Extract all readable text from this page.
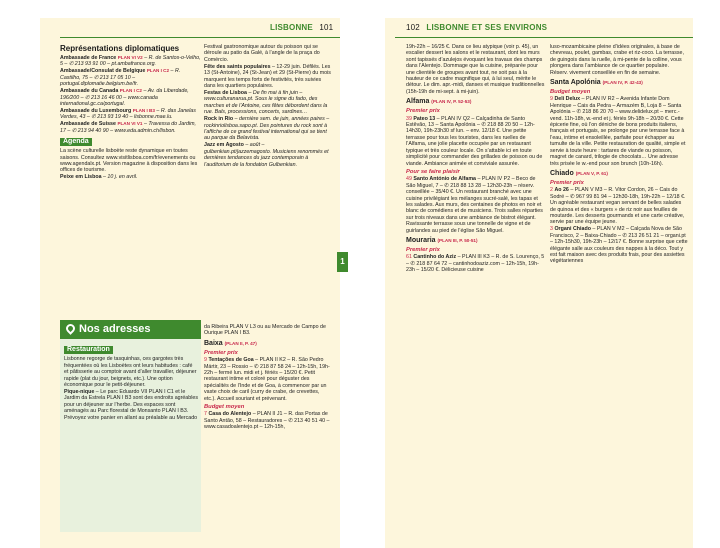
LISBONNE 101	102 LISBONNE ET SES ENVIRONS
1
Représentations diplomatiques

Ambassade de France PLAN VI V2 – R. de Santos-o-Velho, 5 – ✆ 213 93 91 00 – pt.ambafrance.org.

Ambassade/Consulat de Belgique PLAN I C2 – R. Castilho, 75 – ✆ 213 17 05 10 – portugal.diplomatie.belgium.be/fr.

Ambassade du Canada PLAN I C2 – Av. da Liberdade, 196/200 – ✆ 213 16 46 00 – www.canada international.gc.ca/portugal.

Ambassade du Luxembourg PLAN I B3 – R. das Janelas Verdes, 43 – ✆ 213 93 19 40 – lisbonne.mae.lu.

Ambassade de Suisse PLAN VI V1 – Travessa do Jardim, 17 – ✆ 213 94 40 90 – www.eda.admin.ch/lisbon.

Agenda

La scène culturelle lisboète reste dynamique en toutes saisons. Consultez www.visitlisboa.com/fr/evenements ou www.agendalx.pt. Version magazine à disposition dans les offices de tourisme.

Peixe em Lisboa – 10 j. en avril.

Festival gastronomique autour du poisson qui se déroule au patio da Galé, à l’angle de la praça do Comércio.

Fête des saints populaires – 12-29 juin. Défilés. Les 13 (St-Antoine), 24 (St-Jean) et 29 (St-Pierre) du mois marquent les temps forts de festivités, très suivies dans les quartiers populaires.

Festas de Lisboa – De fin mai à fin juin – www.culturanarua.pt. Sous le signe du fado, des marches et de l’Antoine, ces fêtes débordent dans la rue. Bals, processions, concerts, sardines…

Rock in Rio – dernière sem. de juin, années paires – rockinriolisboa.sapo.pt. Des pointures du rock sont à l’affiche de ce grand festival international qui se tient au parque da Belavista.

Jazz em Agosto – août – gulbenkian.pt/jazzemagosto. Musiciens renommés et dernières tendances du jazz contemporain à l’auditorium de la fondation Gulbenkian.

Nos adresses
Restauration

Lisbonne regorge de tasquinhas, ces gargotes très fréquentées où les Lisboètes ont leurs habitudes : café et pâtisserie au comptoir avant d’aller travailler, déjeuner rapide (plat du jour, beignets, etc.). Une option économique pour le petit-déjeuner.

Pique-nique – Le parc Eduardo VII PLAN I C1 et le Jardim da Estrela PLAN I B3 sont des endroits agréables pour un déjeuner sur l’herbe. Des espaces sont aménagés au Parc florestal de Monsanto PLAN I B3. Prévoyez votre panier en allant au préalable au Mercado

da Ribeira PLAN V L3 ou au Mercado de Campo de Ourique PLAN I B3.

Baixa (PLAN II, P. 47)
Premier prix

9 Tentações de Goa – PLAN II K2 – R. São Pedro Mártir, 23 – Rossio – ✆ 218 87 58 24 – 12h-15h, 19h-22h – fermé lun. midi et j. fériés – 15/20 €. Petit restaurant intime et coloré pour déguster des spécialités de l’Inde et de Goa, à commencer par un vaste choix de caril (curry de crabe, de crevettes, etc.). Accueil souriant et prévenant.

Budget moyen

7 Casa do Alentejo – PLAN II J1 – R. das Portas de Santo Antão, 58 – Restauradores – ✆ 213 40 51 40 – www.casadoalentejo.pt – 12h-15h,

19h-22h – 16/25 €. Dans ce lieu atypique (voir p. 45), un escalier dessert les salons et le restaurant, dont les murs sont tapissés d’azulejos évoquant les travaux des champs dans l’Alentejo. Dommage que la cuisine, préparée pour une clientèle de groupes avant tout, ne soit pas à la hauteur de ce cadre magnifique qui, à lui seul, mérite le détour. Le dim. apr.-midi, danses et musique traditionnelles (15h-19h de mi-sept. à mi-juin).

Alfama (PLAN IV, P. 52-53)
Premier prix

39 Pateo 13 – PLAN IV Q2 – Calçadinha de Santo Estêvão, 13 – Santa Apolónia – ✆ 218 88 20 50 – 12h-14h30, 19h-23h30 sf lun. – env. 12/18 €. Une petite terrasse pour tous les touristes, dans les ruelles de l’Alfama, une jolie placette occupée par un restaurant typique et très couleur locale. On s’attable ici en toute simplicité pour commander des grillades de poisson ou de viande. Ambiance animée et conviviale assurée.

Pour se faire plaisir

49 Santo António de Alfama – PLAN IV P2 – Beco de São Miguel, 7 – ✆ 218 88 13 28 – 12h30-23h – réserv. conseillée – 35/40 €. Un restaurant branché avec une cuisine privilégiant les mélanges sucré-salé, les tapas et les salades. Aux murs, des centaines de photos en noir et blanc de comédiens et de musiciens. Trois salles réparties sur trois niveaux dans une ambiance de bistrot élégant. Ravissante terrasse sous une tonnelle de vigne et de guirlandes au pied de l’église São Miguel.

Mouraria (PLAN III, P. 50-51)
Premier prix

61 Cantinho do Aziz – PLAN III K3 – R. de S. Lourenço, 5 – ✆ 218 87 64 72 – cantinhodoaziz.com – 12h-15h, 19h-23h – 15/20 €. Délicieuse cuisine

luso-mozambicaine pleine d’idées originales, à base de chevreau, poulet, gambas, crabe et riz-coco. La terrasse, de guingois dans la ruelle, à mi-pente de la colline, vous plongera dans l’ambiance de ce quartier populaire. Réserv. vivement conseillée en fin de semaine.

Santa Apolónia (PLAN IV, P. 42-43)
Budget moyen

9 Deli Delux – PLAN IV R2 – Avenida Infante Dom Henrique – Cais da Pedra – Armazém B, Loja 8 – Santa Apolónia – ✆ 218 86 20 70 – www.delidelux.pt – merc.-vend. 11h-18h, w.-end et j. fériés 9h-18h – 20/30 €. Cette épicerie fine, où l’on déniche de bons produits italiens, français et portugais, se prolonge par une terrasse face à l’eau, intime et ensoleillée, parfaite pour échapper au tumulte de la ville. Petite restauration de qualité, simple et servie à toute heure : tartares de viande ou poisson, magret de canard, trilogie de chocolats… Une adresse très prisée le w.-end pour son brunch (10h-16h).

Chiado (PLAN V, P. 61)
Premier prix

2 Ao 26 – PLAN V M3 – R. Vitor Cordon, 26 – Cais do Sodré – ✆ 967 99 81 94 – 12h30-18h, 19h-22h – 12/18 €. Un agréable restaurant vegan servant de belles salades de quinoa et des « burgers » de riz noir aux feuilles de moutarde. Les desserts gourmands et une carte créative, servie par une équipe jeune.

3 Organi Chiado – PLAN V M2 – Calçada Nova de São Francisco, 2 – Baixa-Chiado – ✆ 213 26 51 21 – organi.pt – 12h-15h30, 19h-23h – 12/17 €. Bonne surprise que cette élégante salle aux couleurs des nappes à la déco. Tout y est fait maison avec des produits frais, pour des assiettes végétariennes
